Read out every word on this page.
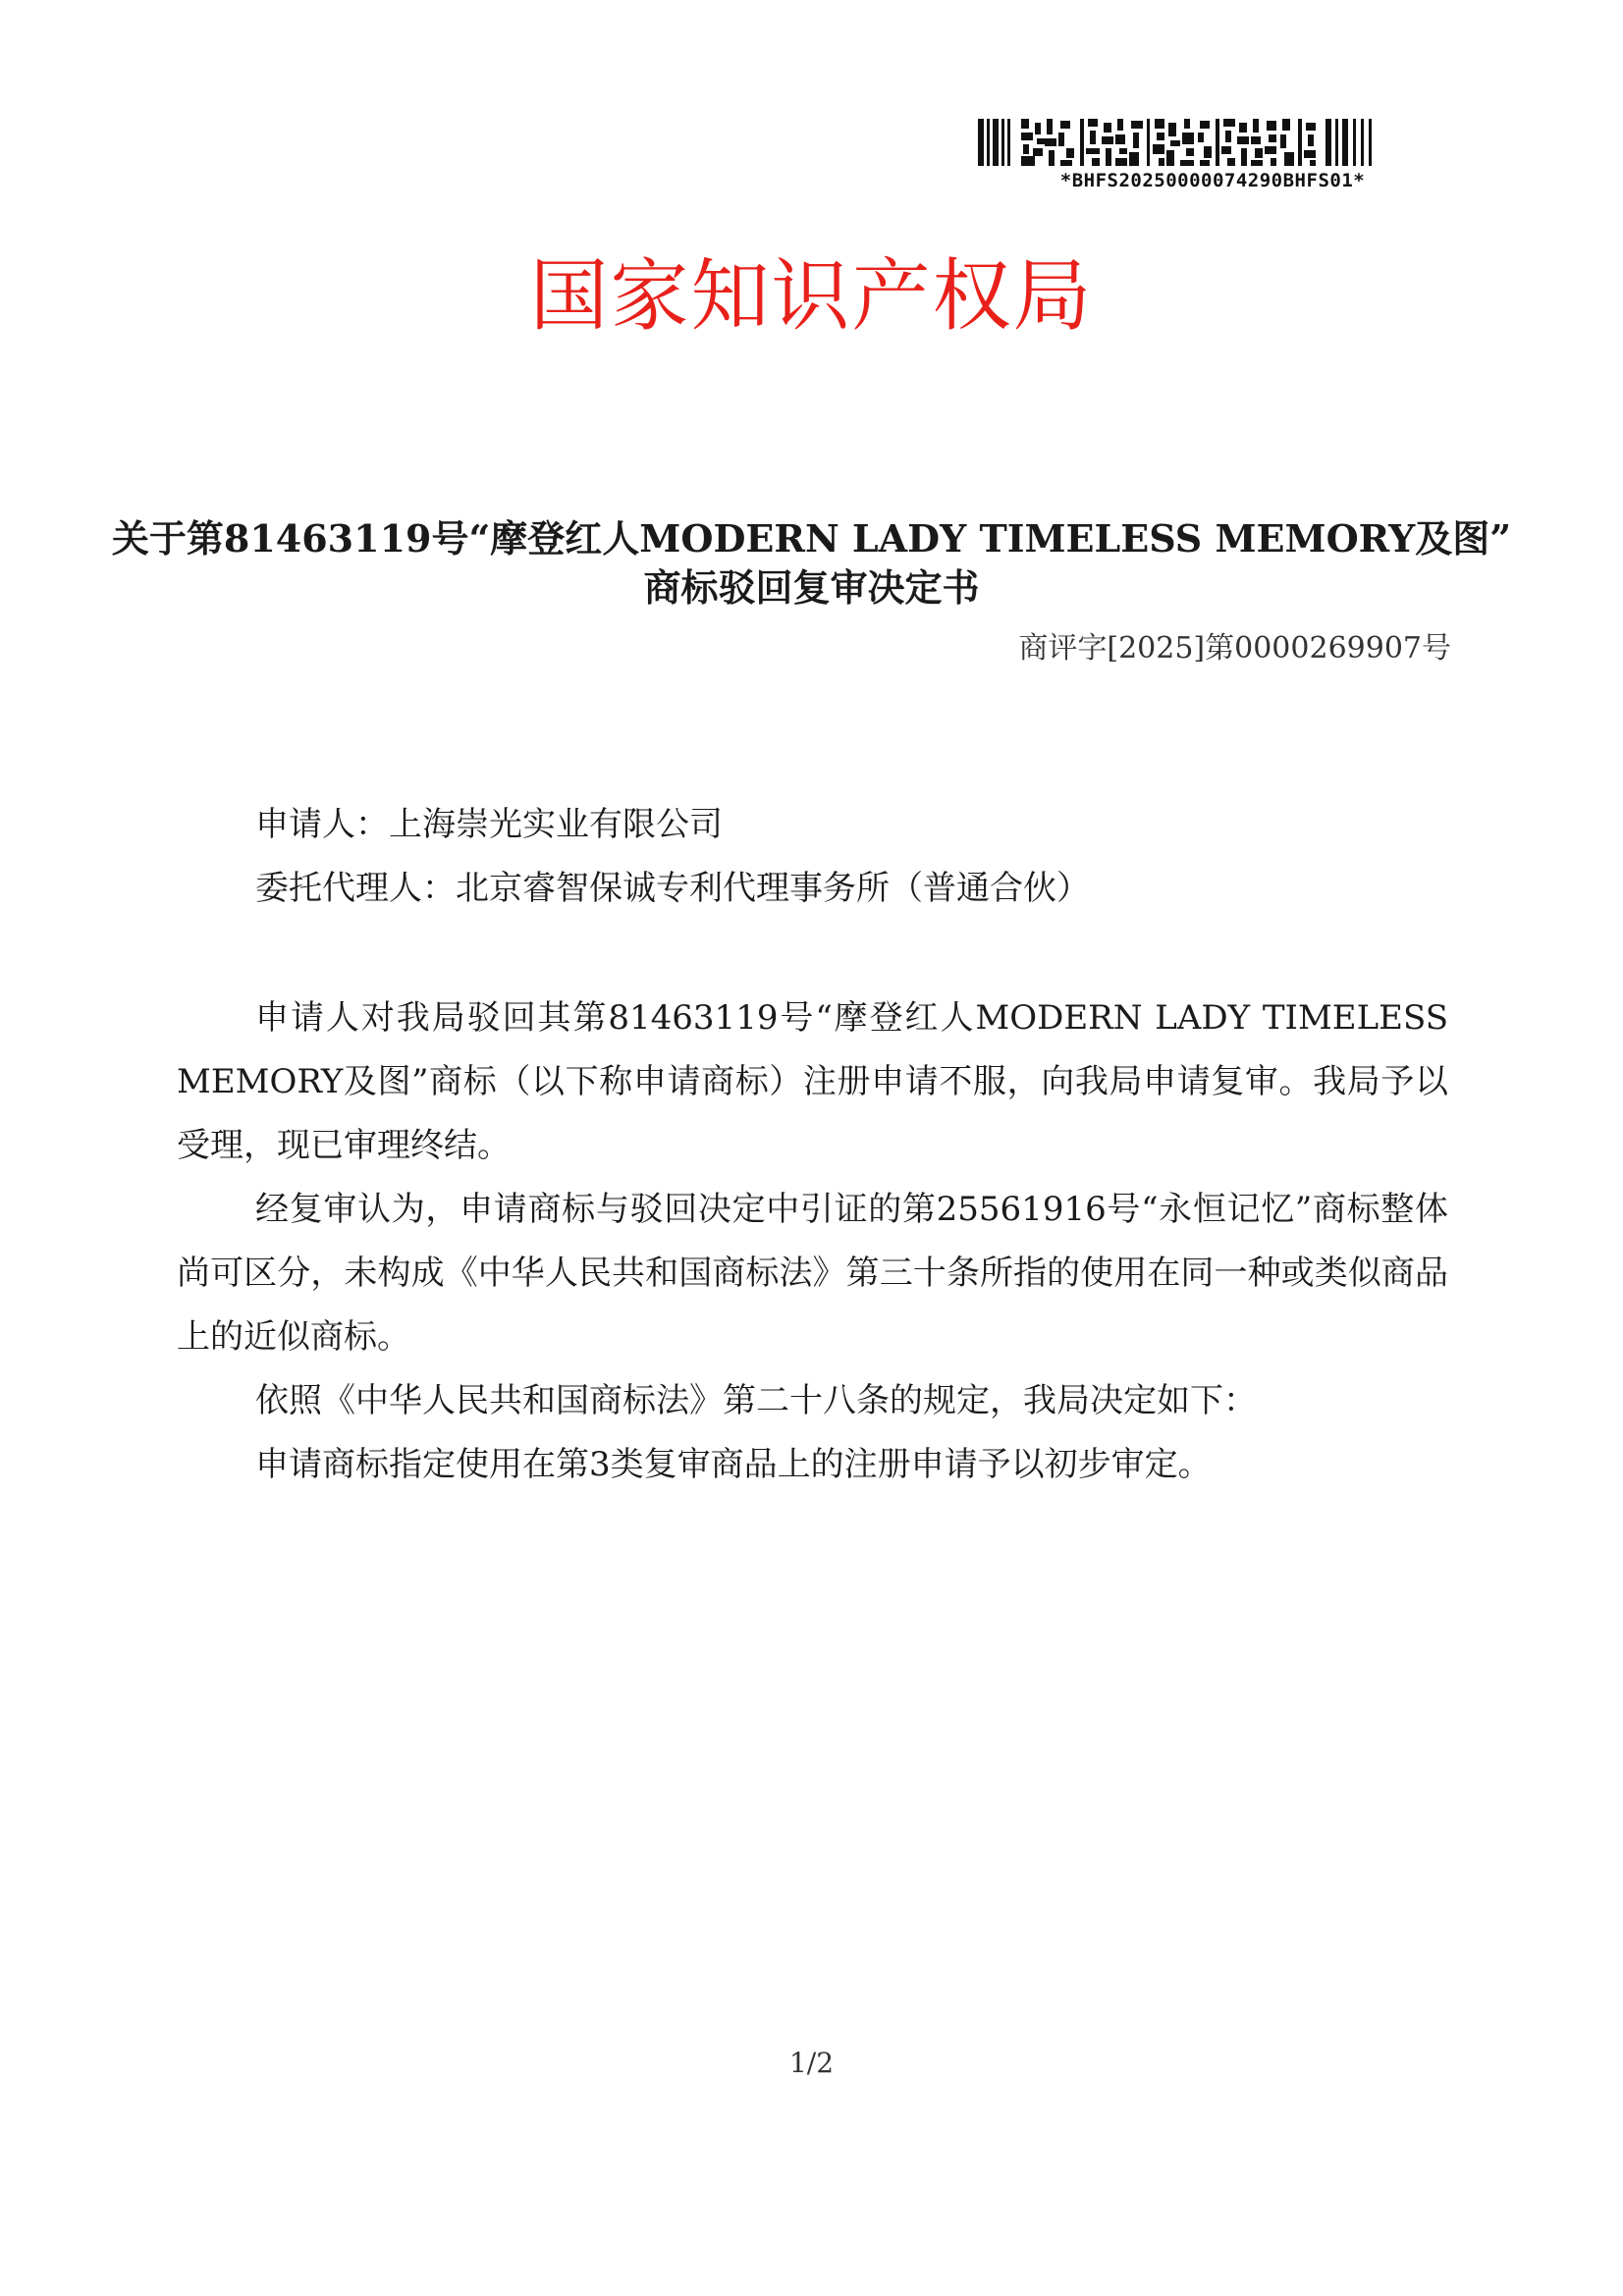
*BHFS20250000074290BHFS01*
国家知识产权局
关于第81463119号“摩登红人MODERN LADY TIMELESS MEMORY及图”
商标驳回复审决定书
商评字[2025]第0000269907号
申请人：上海崇光实业有限公司
委托代理人：北京睿智保诚专利代理事务所（普通合伙）

申请人对我局驳回其第81463119号“摩登红人MODERN LADY TIMELESS MEMORY及图”商标（以下称申请商标）注册申请不服，向我局申请复审。我局予以受理，现已审理终结。

经复审认为，申请商标与驳回决定中引证的第25561916号“永恒记忆”商标整体尚可区分，未构成《中华人民共和国商标法》第三十条所指的使用在同一种或类似商品上的近似商标。

依照《中华人民共和国商标法》第二十八条的规定，我局决定如下：

申请商标指定使用在第3类复审商品上的注册申请予以初步审定。

1/2
